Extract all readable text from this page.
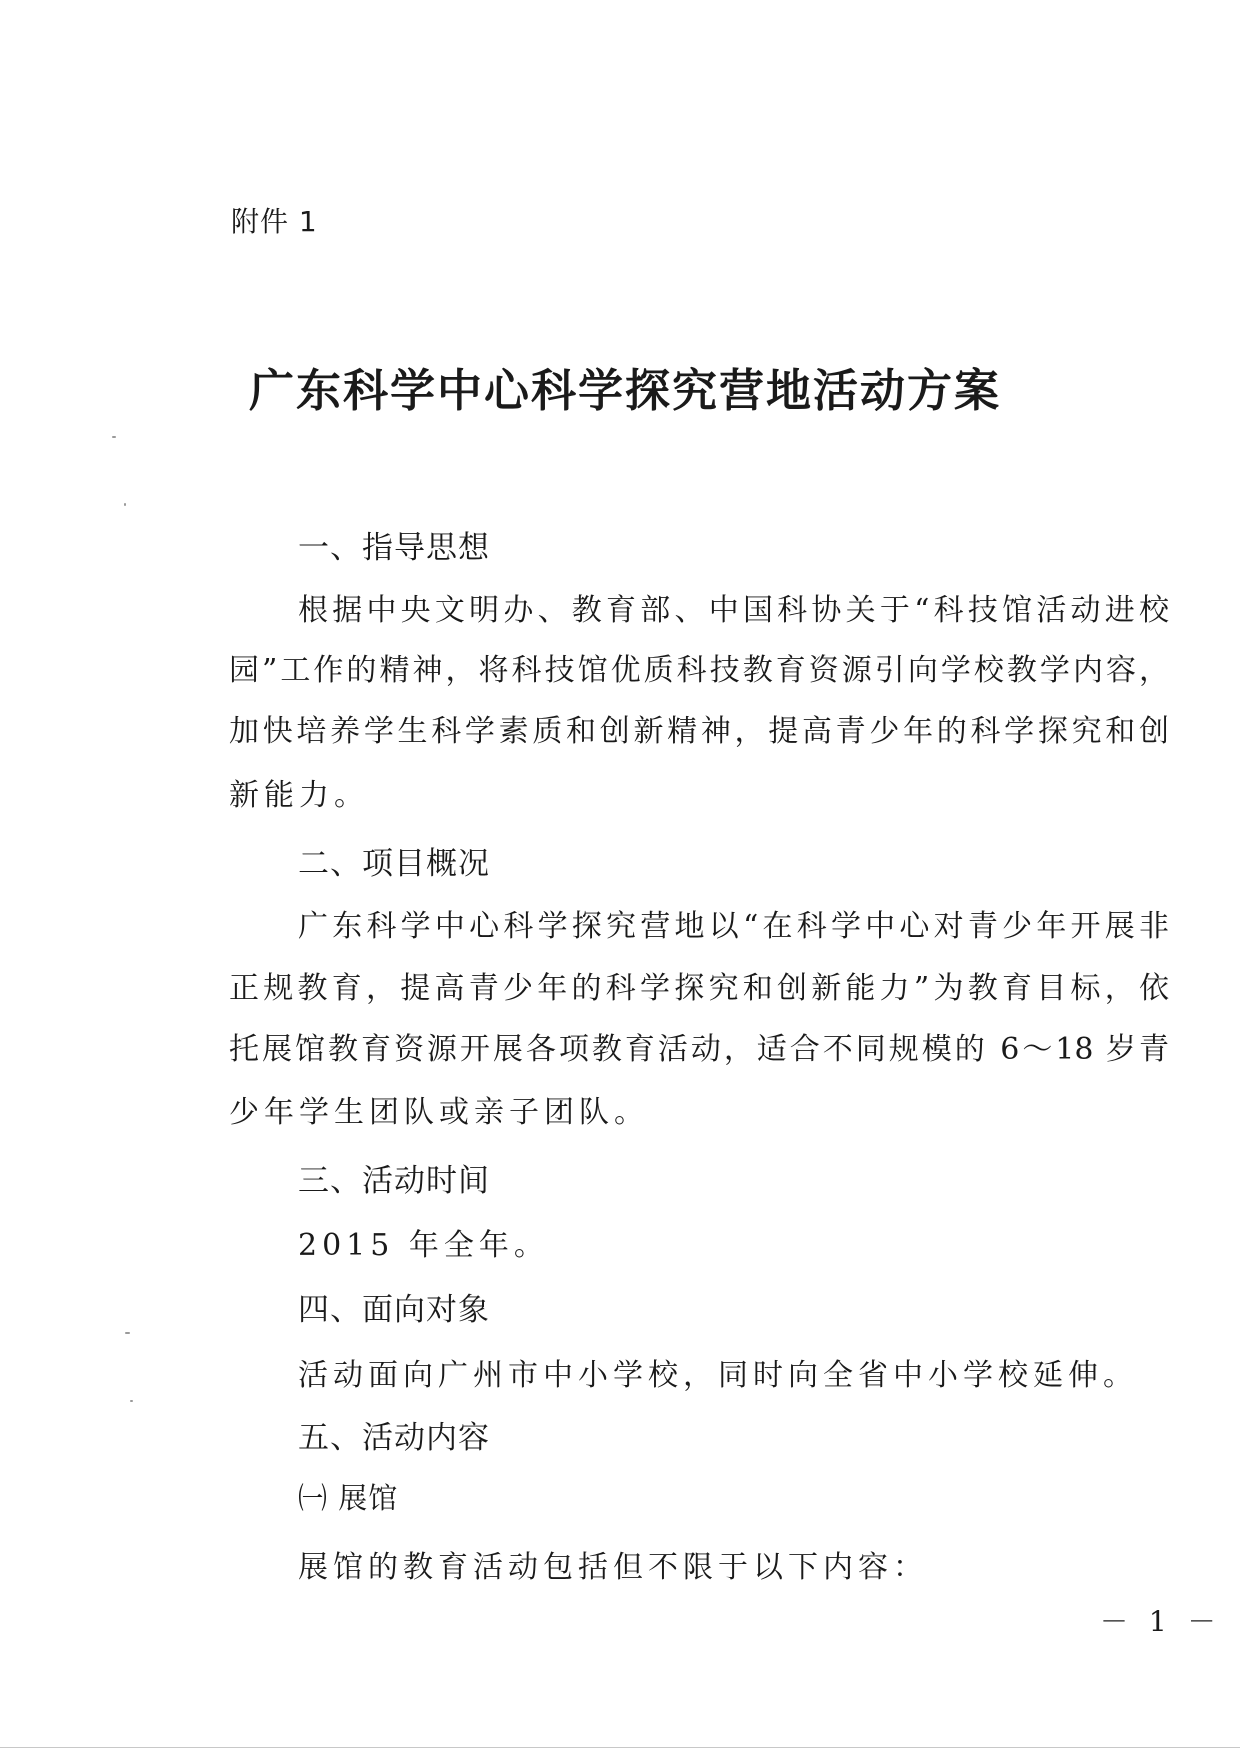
附件 1
广东科学中心科学探究营地活动方案
一、指导思想
根据中央文明办、教育部、中国科协关于“科技馆活动进校
园”工作的精神，将科技馆优质科技教育资源引向学校教学内容，
加快培养学生科学素质和创新精神，提高青少年的科学探究和创
新能力。
二、项目概况
广东科学中心科学探究营地以“在科学中心对青少年开展非
正规教育，提高青少年的科学探究和创新能力”为教育目标，依
托展馆教育资源开展各项教育活动，适合不同规模的 6～18 岁青
少年学生团队或亲子团队。
三、活动时间
2015 年全年。
四、面向对象
活动面向广州市中小学校，同时向全省中小学校延伸。
五、活动内容
㈠ 展馆
展馆的教育活动包括但不限于以下内容：
－ 1 －
